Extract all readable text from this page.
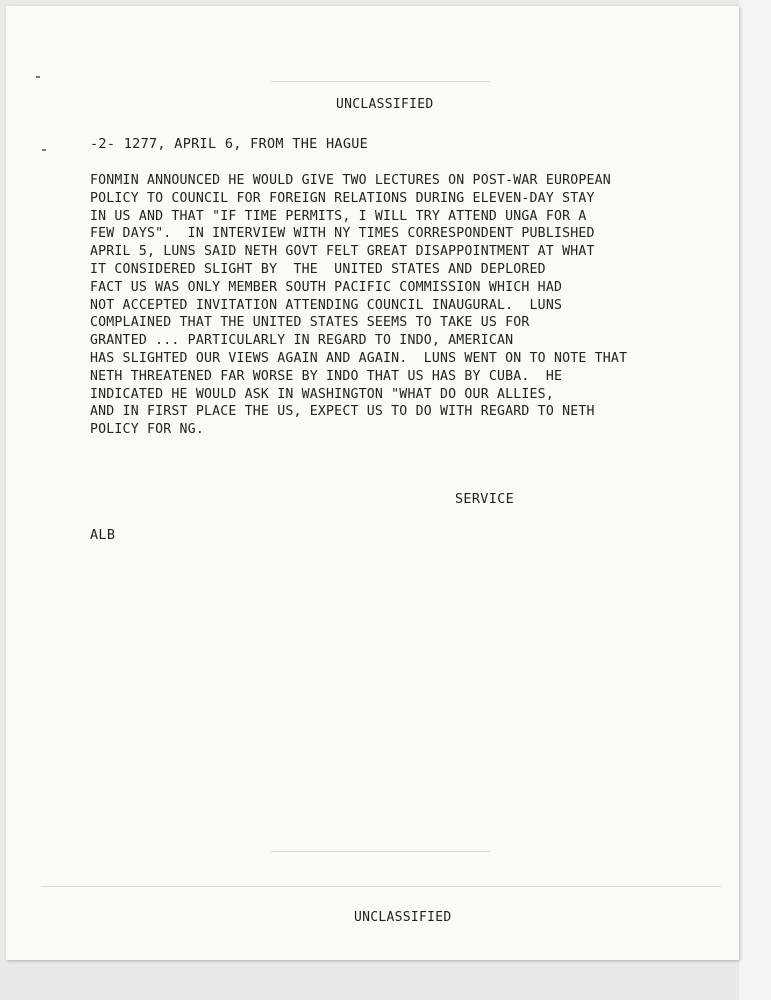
UNCLASSIFIED
-2- 1277, APRIL 6, FROM THE HAGUE
FONMIN ANNOUNCED HE WOULD GIVE TWO LECTURES ON POST-WAR EUROPEAN
POLICY TO COUNCIL FOR FOREIGN RELATIONS DURING ELEVEN-DAY STAY
IN US AND THAT "IF TIME PERMITS, I WILL TRY ATTEND UNGA FOR A
FEW DAYS".  IN INTERVIEW WITH NY TIMES CORRESPONDENT PUBLISHED
APRIL 5, LUNS SAID NETH GOVT FELT GREAT DISAPPOINTMENT AT WHAT
IT CONSIDERED SLIGHT BY  THE  UNITED STATES AND DEPLORED
FACT US WAS ONLY MEMBER SOUTH PACIFIC COMMISSION WHICH HAD
NOT ACCEPTED INVITATION ATTENDING COUNCIL INAUGURAL.  LUNS
COMPLAINED THAT THE UNITED STATES SEEMS TO TAKE US FOR
GRANTED ... PARTICULARLY IN REGARD TO INDO, AMERICAN
HAS SLIGHTED OUR VIEWS AGAIN AND AGAIN.  LUNS WENT ON TO NOTE THAT
NETH THREATENED FAR WORSE BY INDO THAT US HAS BY CUBA.  HE
INDICATED HE WOULD ASK IN WASHINGTON "WHAT DO OUR ALLIES,
AND IN FIRST PLACE THE US, EXPECT US TO DO WITH REGARD TO NETH
POLICY FOR NG.
SERVICE
ALB
UNCLASSIFIED
